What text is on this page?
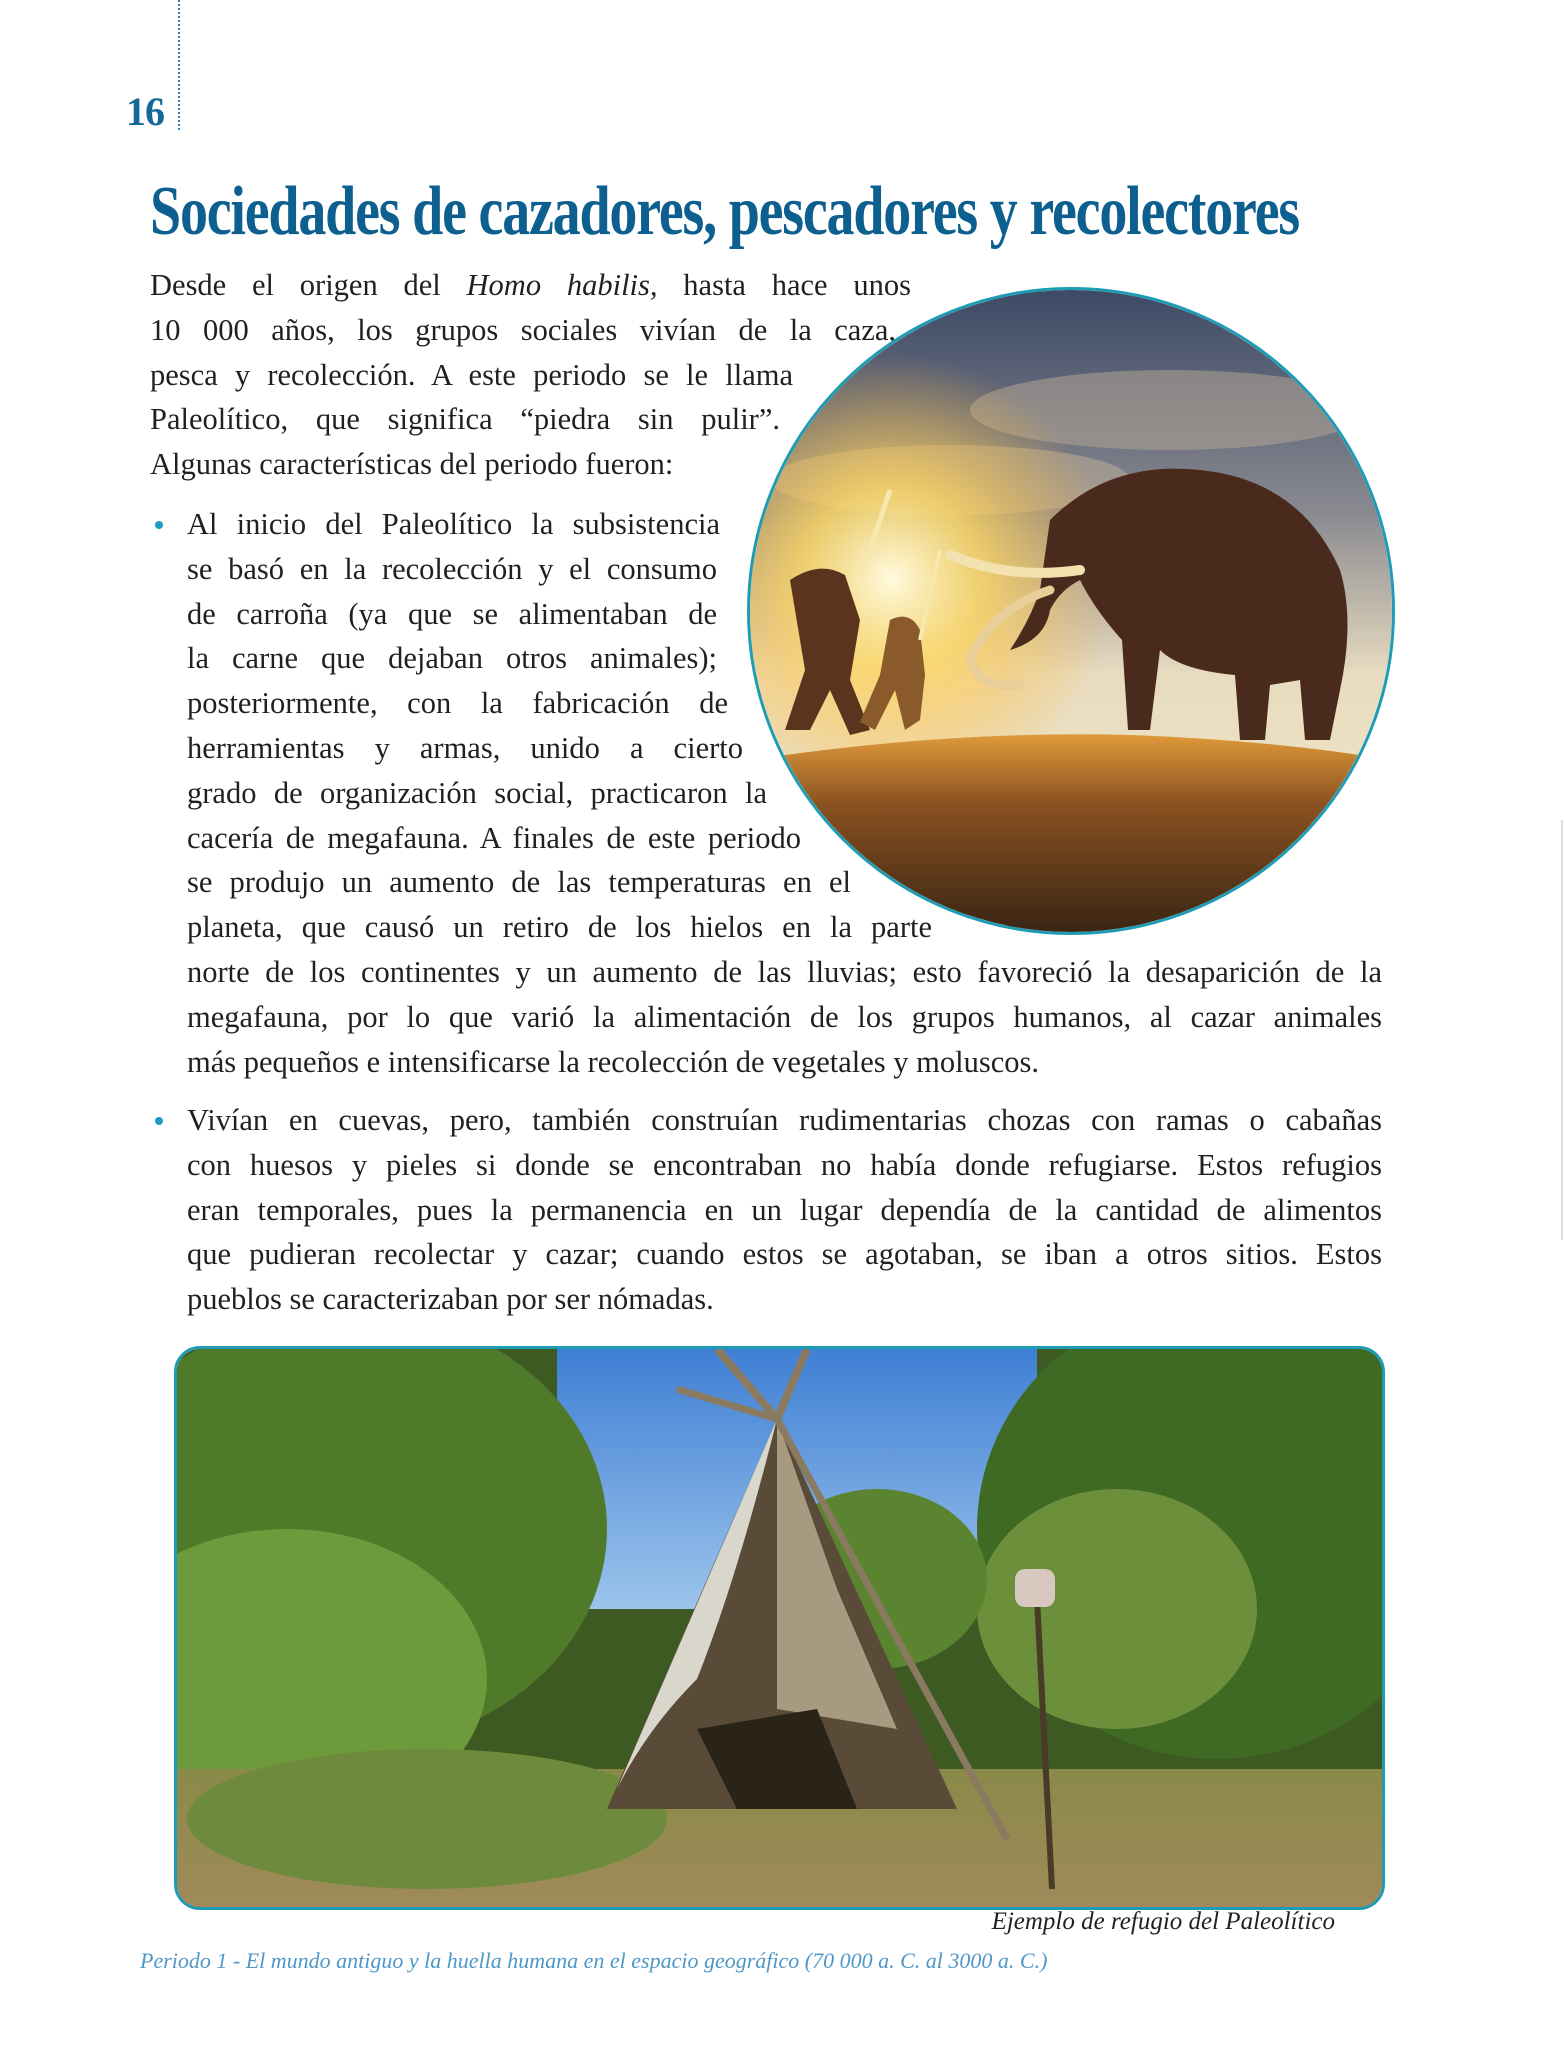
16
Sociedades de cazadores, pescadores y recolectores
Desde el origen del Homo habilis, hasta hace unos
10 000 años, los grupos sociales vivían de la caza,
pesca y recolección. A este periodo se le llama
Paleolítico, que significa “piedra sin pulir”.
Algunas características del periodo fueron:
Al inicio del Paleolítico la subsistencia
se basó en la recolección y el consumo
de carroña (ya que se alimentaban de
la carne que dejaban otros animales);
posteriormente, con la fabricación de
herramientas y armas, unido a cierto
grado de organización social, practicaron la
cacería de megafauna. A finales de este periodo
se produjo un aumento de las temperaturas en el
planeta, que causó un retiro de los hielos en la parte
norte de los continentes y un aumento de las lluvias; esto favoreció la desaparición de la
megafauna, por lo que varió la alimentación de los grupos humanos, al cazar animales
más pequeños e intensificarse la recolección de vegetales y moluscos.
Vivían en cuevas, pero, también construían rudimentarias chozas con ramas o cabañas
con huesos y pieles si donde se encontraban no había donde refugiarse. Estos refugios
eran temporales, pues la permanencia en un lugar dependía de la cantidad de alimentos
que pudieran recolectar y cazar; cuando estos se agotaban, se iban a otros sitios. Estos
pueblos se caracterizaban por ser nómadas.
Ejemplo de refugio del Paleolítico
Periodo 1 - El mundo antiguo y la huella humana en el espacio geográfico (70 000 a. C. al 3000 a. C.)
